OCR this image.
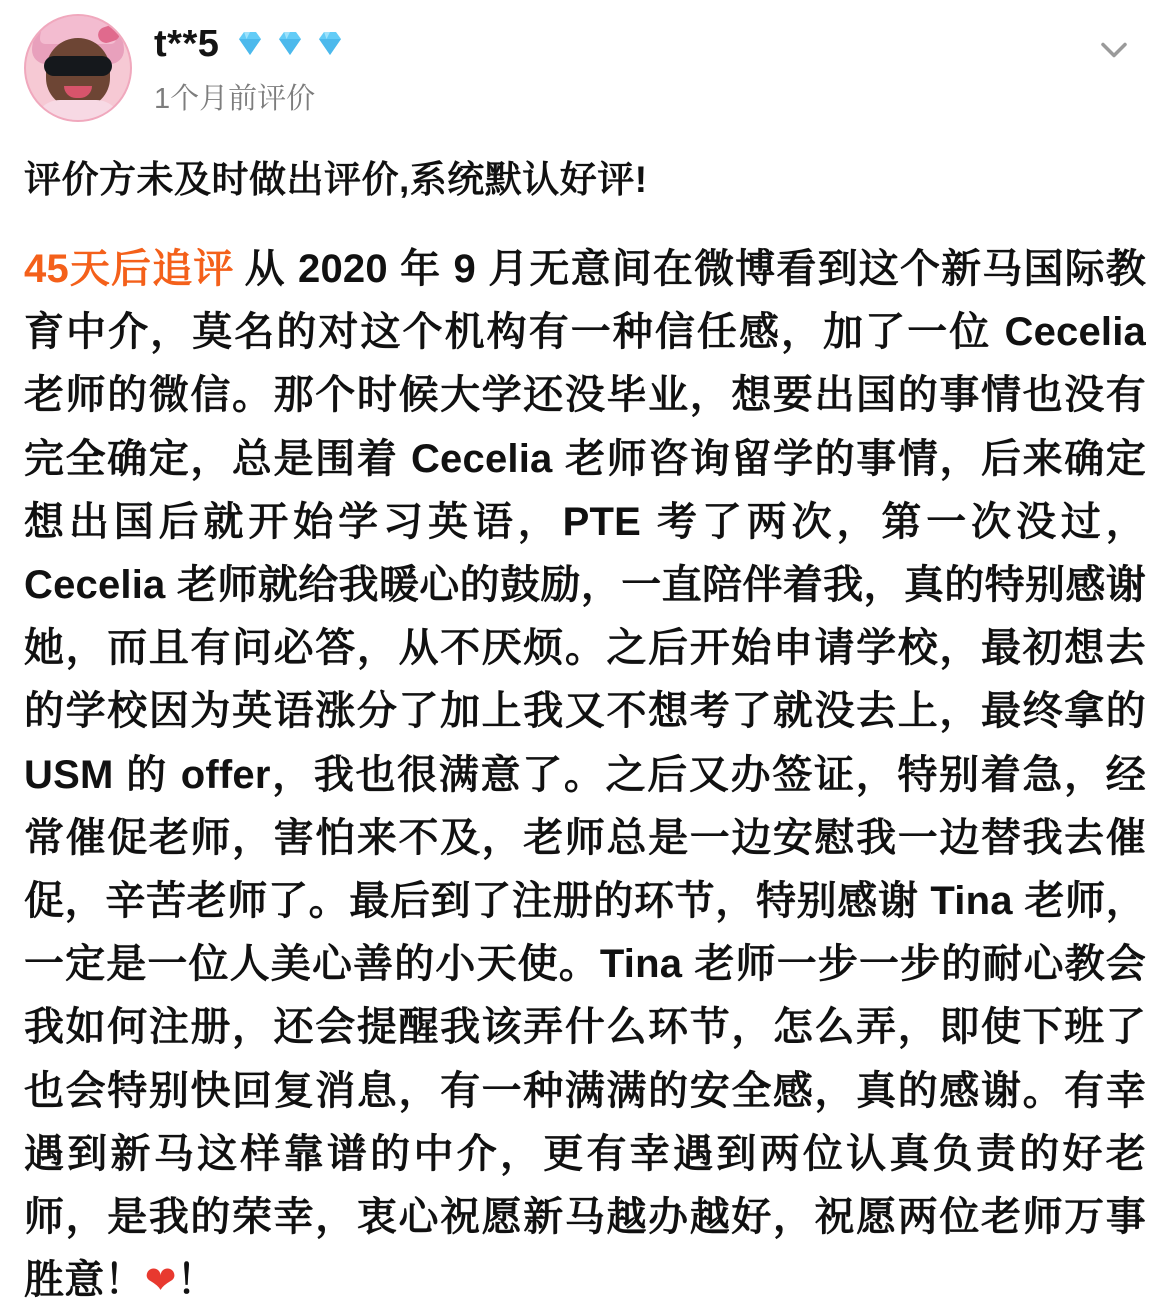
t**5
1个月前评价
评价方未及时做出评价,系统默认好评!
45天后追评 从 2020 年 9 月无意间在微博看到这个新马国际教育中介，莫名的对这个机构有一种信任感，加了一位 Cecelia 老师的微信。那个时候大学还没毕业，想要出国的事情也没有完全确定，总是围着 Cecelia 老师咨询留学的事情，后来确定想出国后就开始学习英语，PTE 考了两次，第一次没过，Cecelia 老师就给我暖心的鼓励，一直陪伴着我，真的特别感谢她，而且有问必答，从不厌烦。之后开始申请学校，最初想去的学校因为英语涨分了加上我又不想考了就没去上，最终拿的 USM 的 offer，我也很满意了。之后又办签证，特别着急，经常催促老师，害怕来不及，老师总是一边安慰我一边替我去催促，辛苦老师了。最后到了注册的环节，特别感谢 Tina 老师，一定是一位人美心善的小天使。Tina 老师一步一步的耐心教会我如何注册，还会提醒我该弄什么环节，怎么弄，即使下班了也会特别快回复消息，有一种满满的安全感，真的感谢。有幸遇到新马这样靠谱的中介，更有幸遇到两位认真负责的好老师，是我的荣幸，衷心祝愿新马越办越好，祝愿两位老师万事胜意！❤！
